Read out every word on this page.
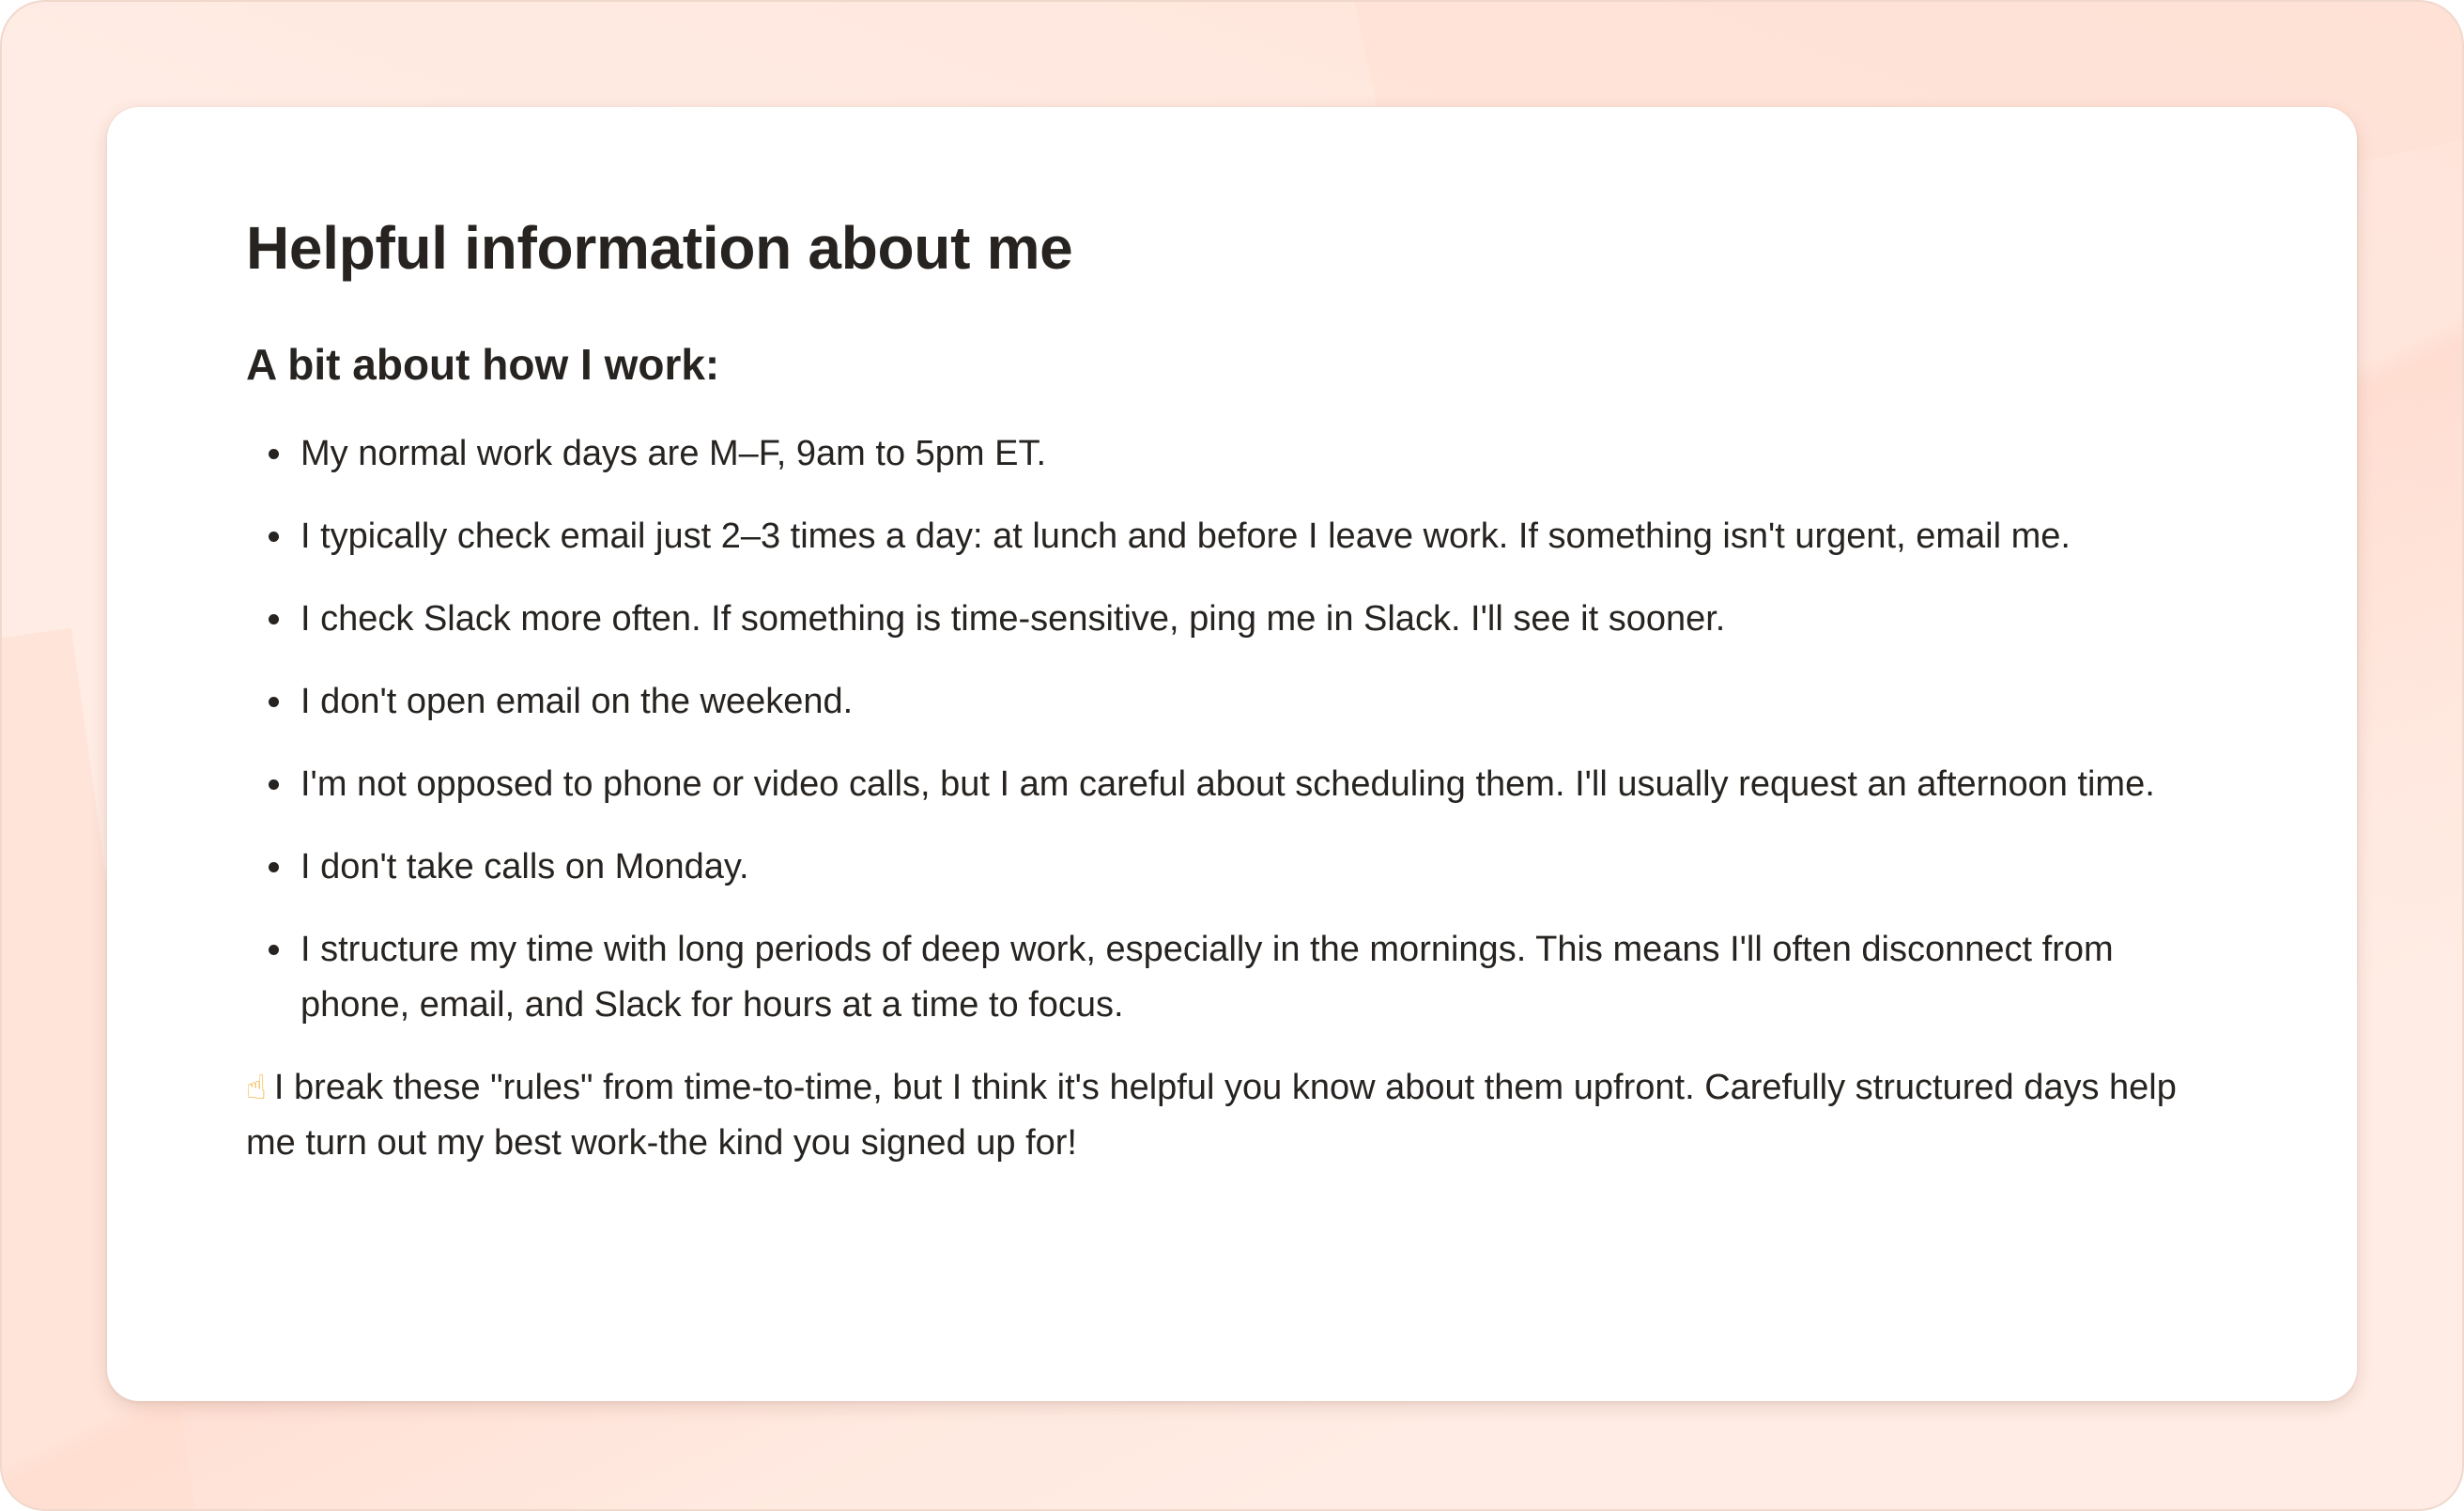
Helpful information about me
A bit about how I work:
My normal work days are M–F, 9am to 5pm ET.
I typically check email just 2–3 times a day: at lunch and before I leave work. If something isn't urgent, email me.
I check Slack more often. If something is time-sensitive, ping me in Slack. I'll see it sooner.
I don't open email on the weekend.
I'm not opposed to phone or video calls, but I am careful about scheduling them. I'll usually request an afternoon time.
I don't take calls on Monday.
I structure my time with long periods of deep work, especially in the mornings. This means I'll often disconnect from phone, email, and Slack for hours at a time to focus.

☝ I break these "rules" from time-to-time, but I think it's helpful you know about them upfront. Carefully structured days help me turn out my best work-the kind you signed up for!
